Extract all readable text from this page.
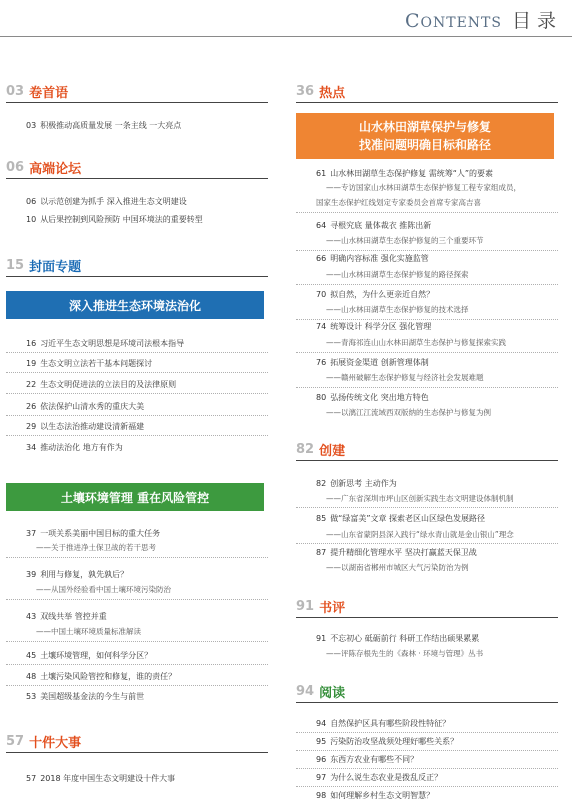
CONTENTS 目录
03 卷首语
03 积极推动高质量发展 一条主线 一大亮点
06 高端论坛
06 以示范创建为抓手 深入推进生态文明建设
10 从后果控制到风险预防 中国环境法的重要转型
15 封面专题
深入推进生态环境法治化
16 习近平生态文明思想是环境司法根本指导
19 生态文明立法若干基本问题探讨
22 生态文明促进法的立法目的及法律原则
26 依法保护山清水秀的重庆大美
29 以生态法治推动建设清新福建
34 推动法治化 地方有作为
土壤环境管理 重在风险管控
37 一项关系美丽中国目标的重大任务
——关于推进净土保卫战的若干思考
39 利用与修复，孰先孰后？
——从国外经验看中国土壤环境污染防治
43 双线共举 管控并重
——中国土壤环境质量标准解读
45 土壤环境管理，如何科学分区？
48 土壤污染风险管控和修复，谁的责任？
53 美国超级基金法的今生与前世
57 十件大事
57 2018 年度中国生态文明建设十件大事
36 热点
山水林田湖草保护与修复
找准问题明确目标和路径
61 山水林田湖草生态保护修复 需统筹“人”的要素
——专访国家山水林田湖草生态保护修复工程专家组成员，
国家生态保护红线划定专家委员会首席专家高吉喜
64 寻根究底 量体裁衣 推陈出新
——山水林田湖草生态保护修复的三个重要环节
66 明确内容标准 强化实施监管
——山水林田湖草生态保护修复的路径探索
70 拟自然，为什么更亲近自然？
——山水林田湖草生态保护修复的技术选择
74 统筹设计 科学分区 强化管理
——青海祁连山山水林田湖草生态保护与修复探索实践
76 拓展资金渠道 创新管理体制
——赣州破解生态保护修复与经济社会发展难题
80 弘扬传统文化 突出地方特色
——以漓江江流域西双版纳的生态保护与修复为例
82 创建
82 创新思考 主动作为
——广东省深圳市坪山区创新实践生态文明建设体制机制
85 做“绿富美”文章 探索老区山区绿色发展路径
——山东省蒙阴县深入践行“绿水青山就是金山银山”理念
87 提升精细化管理水平 坚决打赢蓝天保卫战
——以湖南省郴州市城区大气污染防治为例
91 书评
91 不忘初心 砥砺前行 科研工作结出硕果累累
——评陈存根先生的《森林 · 环境与管理》丛书
94 阅读
94 自然保护区具有哪些阶段性特征？
95 污染防治攻坚战须处理好哪些关系？
96 东西方农业有哪些不同？
97 为什么说生态农业是拨乱反正？
98 如何理解乡村生态文明智慧？
